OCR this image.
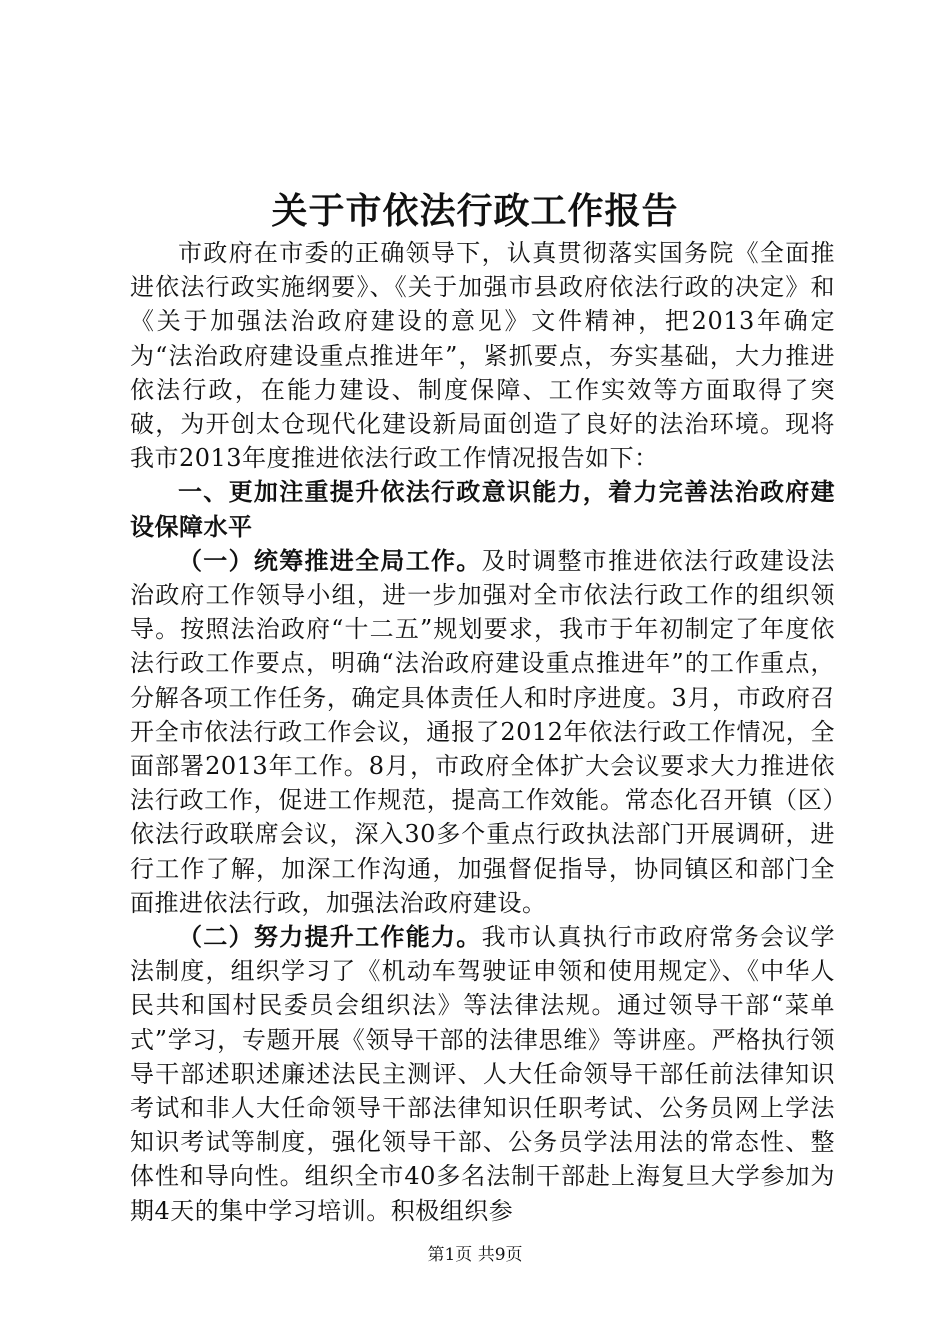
关于市依法行政工作报告

市政府在市委的正确领导下，认真贯彻落实国务院《全面推进依法行政实施纲要》、《关于加强市县政府依法行政的决定》和《关于加强法治政府建设的意见》文件精神，把2013年确定为“法治政府建设重点推进年”，紧抓要点，夯实基础，大力推进依法行政，在能力建设、制度保障、工作实效等方面取得了突破，为开创太仓现代化建设新局面创造了良好的法治环境。现将我市2013年度推进依法行政工作情况报告如下：

一、更加注重提升依法行政意识能力，着力完善法治政府建设保障水平

（一）统筹推进全局工作。及时调整市推进依法行政建设法治政府工作领导小组，进一步加强对全市依法行政工作的组织领导。按照法治政府“十二五”规划要求，我市于年初制定了年度依法行政工作要点，明确“法治政府建设重点推进年”的工作重点，分解各项工作任务，确定具体责任人和时序进度。3月，市政府召开全市依法行政工作会议，通报了2012年依法行政工作情况，全面部署2013年工作。8月，市政府全体扩大会议要求大力推进依法行政工作，促进工作规范，提高工作效能。常态化召开镇（区）依法行政联席会议，深入30多个重点行政执法部门开展调研，进行工作了解，加深工作沟通，加强督促指导，协同镇区和部门全面推进依法行政，加强法治政府建设。

（二）努力提升工作能力。我市认真执行市政府常务会议学法制度，组织学习了《机动车驾驶证申领和使用规定》、《中华人民共和国村民委员会组织法》等法律法规。通过领导干部“菜单式”学习，专题开展《领导干部的法律思维》等讲座。严格执行领导干部述职述廉述法民主测评、人大任命领导干部任前法律知识考试和非人大任命领导干部法律知识任职考试、公务员网上学法知识考试等制度，强化领导干部、公务员学法用法的常态性、整体性和导向性。组织全市40多名法制干部赴上海复旦大学参加为期4天的集中学习培训。积极组织参

第1页 共9页
